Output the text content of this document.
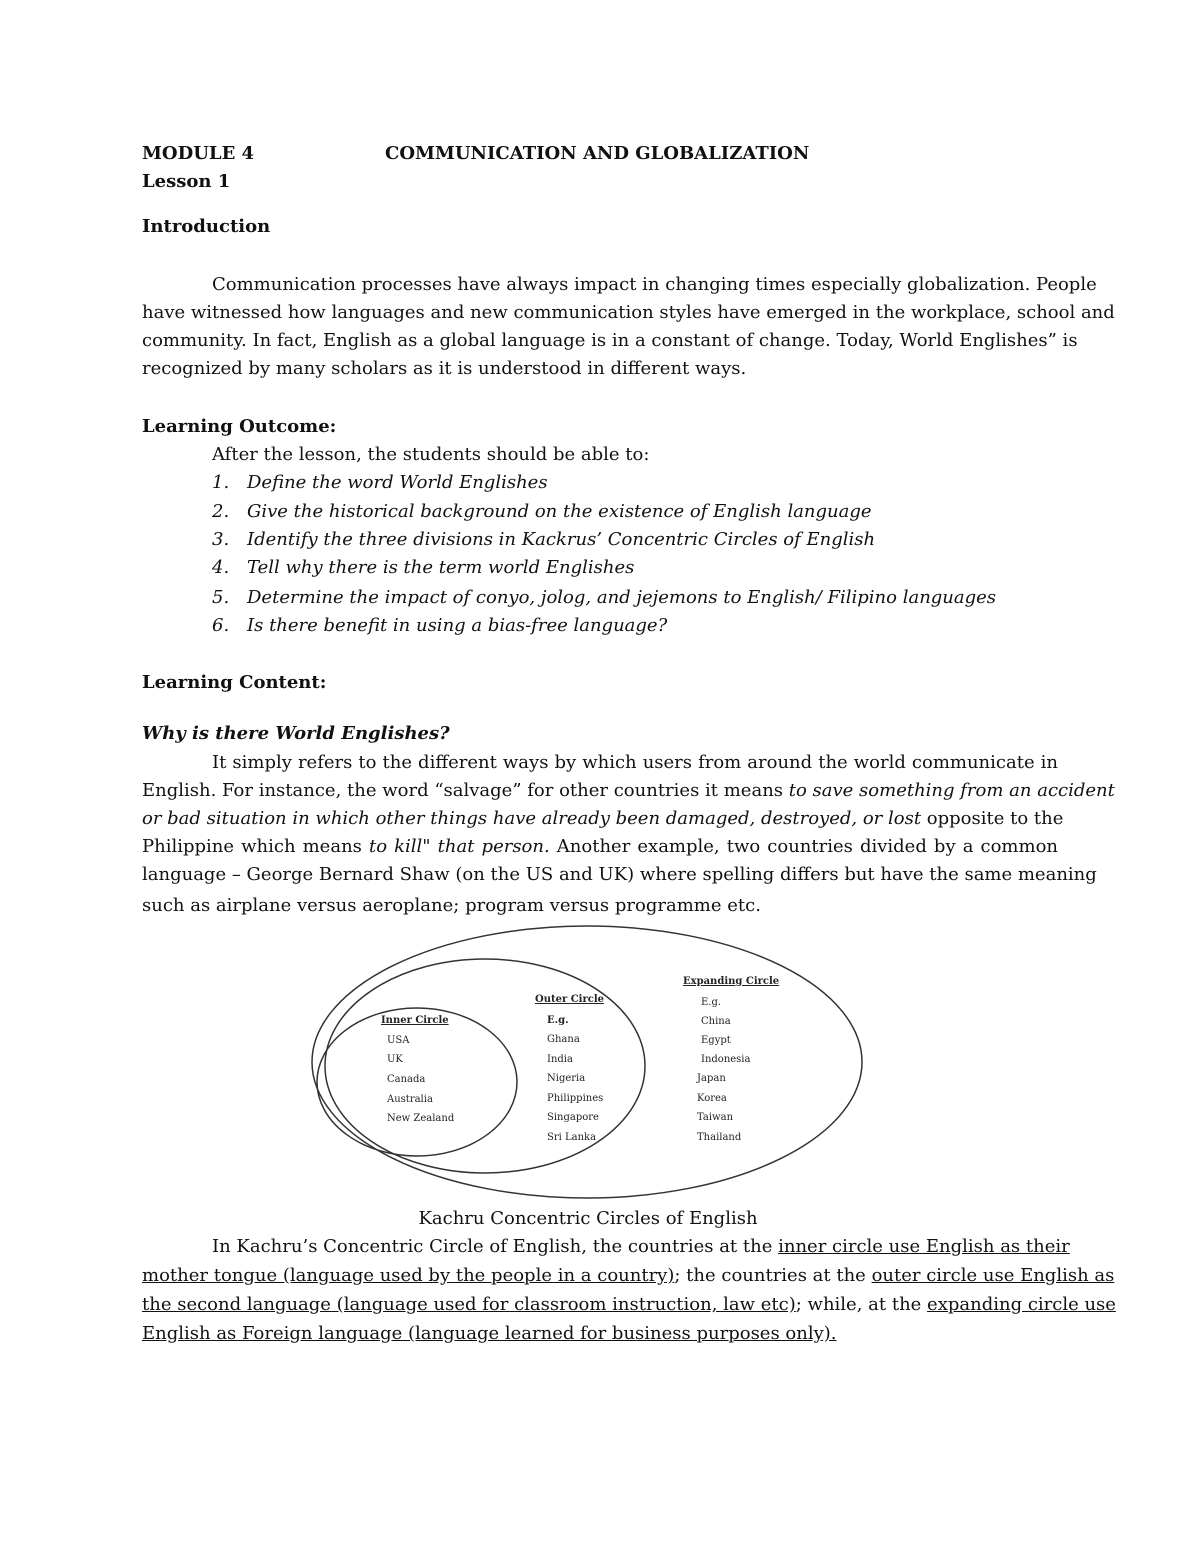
MODULE 4	COMMUNICATION AND GLOBALIZATION
Lesson 1
Introduction
Communication processes have always impact in changing times especially globalization. People
have witnessed how languages and new communication styles have emerged in the workplace, school and
community. In fact, English as a global language is in a constant of change. Today, World Englishes” is
recognized by many scholars as it is understood in different ways.
Learning Outcome:
After the lesson, the students should be able to:
1. Define the word World Englishes
2. Give the historical background on the existence of English language
3. Identify the three divisions in Kackrus’ Concentric Circles of English
4. Tell why there is the term world Englishes
5. Determine the impact of conyo, jolog, and jejemons to English/ Filipino languages
6. Is there benefit in using a bias-free language?
Learning Content:
Why is there World Englishes?
It simply refers to the different ways by which users from around the world communicate in
English. For instance, the word “salvage” for other countries it means to save something from an accident
or bad situation in which other things have already been damaged, destroyed, or lost opposite to the
Philippine which means to kill" that person. Another example, two countries divided by a common
language – George Bernard Shaw (on the US and UK) where spelling differs but have the same meaning
such as airplane versus aeroplane; program versus programme etc.
Inner Circle
USA
UK
Canada
Australia
New Zealand
Outer Circle
E.g.
Ghana
India
Nigeria
Philippines
Singapore
Sri Lanka
Expanding Circle
E.g.
China
Egypt
Indonesia
Japan
Korea
Taiwan
Thailand
Kachru Concentric Circles of English
In Kachru’s Concentric Circle of English, the countries at the inner circle use English as their
mother tongue (language used by the people in a country); the countries at the outer circle use English as
the second language (language used for classroom instruction, law etc); while, at the expanding circle use
English as Foreign language (language learned for business purposes only).
